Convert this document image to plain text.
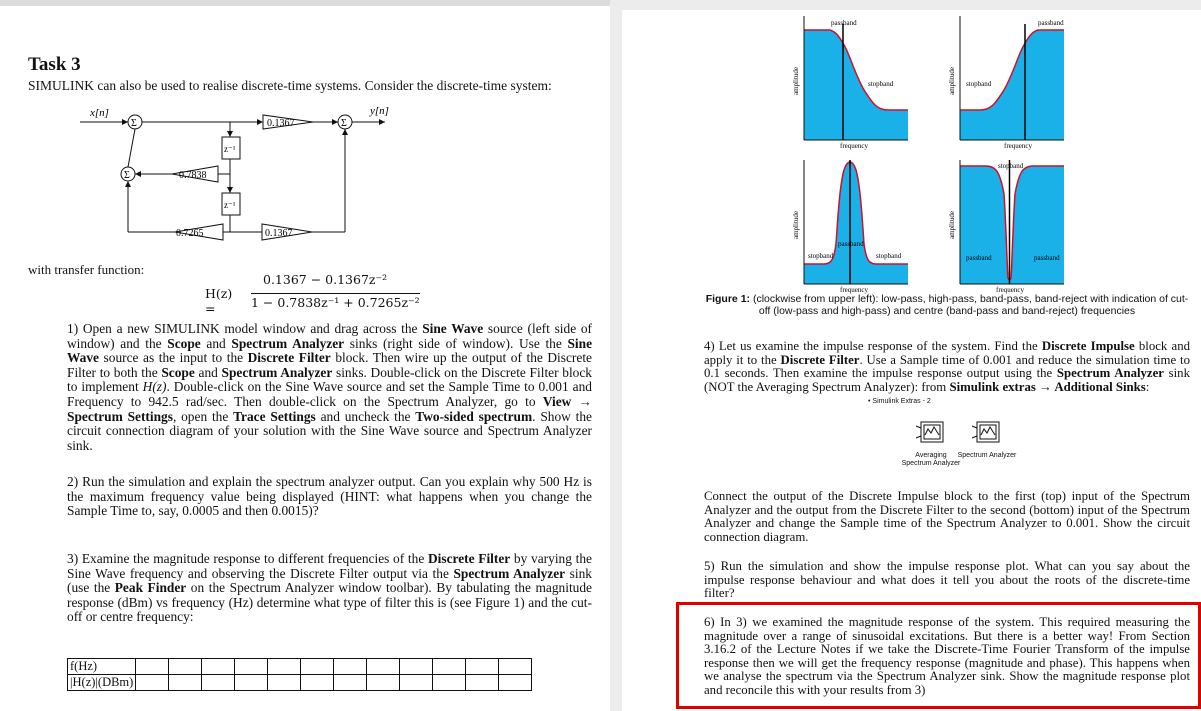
Task 3
SIMULINK can also be used to realise discrete-time systems. Consider the discrete-time system:
x[n]	y[n]
Σ	Σ
Σ
0.1367
0.7838
0.7265	0.1367
z⁻¹
z⁻¹
with transfer function:
H(z) =
0.1367 − 0.1367z⁻²
1 − 0.7838z⁻¹ + 0.7265z⁻²
1) Open a new SIMULINK model window and drag across the Sine Wave source (left side of window) and the Scope and Spectrum Analyzer sinks (right side of window). Use the Sine Wave source as the input to the Discrete Filter block. Then wire up the output of the Discrete Filter to both the Scope and Spectrum Analyzer sinks. Double-click on the Discrete Filter block to implement H(z). Double-click on the Sine Wave source and set the Sample Time to 0.001 and Frequency to 942.5 rad/sec. Then double-click on the Spectrum Analyzer, go to View → Spectrum Settings, open the Trace Settings and uncheck the Two-sided spectrum. Show the circuit connection diagram of your solution with the Sine Wave source and Spectrum Analyzer sink.
2) Run the simulation and explain the spectrum analyzer output. Can you explain why 500 Hz is the maximum frequency value being displayed (HINT: what happens when you change the Sample Time to, say, 0.0005 and then 0.0015)?
3) Examine the magnitude response to different frequencies of the Discrete Filter by varying the Sine Wave frequency and observing the Discrete Filter output via the Spectrum Analyzer sink (use the Peak Finder on the Spectrum Analyzer window toolbar). By tabulating the magnitude response (dBm) vs frequency (Hz) determine what type of filter this is (see Figure 1) and the cut-off or centre frequency:
f(Hz)												
|H(z)|(DBm)												
passband
stopband
frequency
amplitude	stopband
passband
frequency
amplitude
stopband
passband
stopband
frequency
amplitude
passband
stopband
passband
frequency
amplitude
Figure 1: (clockwise from upper left): low-pass, high-pass, band-pass, band-reject with indication of cut-off (low-pass and high-pass) and centre (band-pass and band-reject) frequencies
4) Let us examine the impulse response of the system. Find the Discrete Impulse block and apply it to the Discrete Filter. Use a Sample time of 0.001 and reduce the simulation time to 0.1 seconds. Then examine the impulse response output using the Spectrum Analyzer sink (NOT the Averaging Spectrum Analyzer): from Simulink extras → Additional Sinks:
• Simulink Extras - 2
Averaging Spectrum Analyzer
Spectrum Analyzer
Connect the output of the Discrete Impulse block to the first (top) input of the Spectrum Analyzer and the output from the Discrete Filter to the second (bottom) input of the Spectrum Analyzer and change the Sample time of the Spectrum Analyzer to 0.001. Show the circuit connection diagram.
5) Run the simulation and show the impulse response plot. What can you say about the impulse response behaviour and what does it tell you about the roots of the discrete-time filter?
6) In 3) we examined the magnitude response of the system. This required measuring the magnitude over a range of sinusoidal excitations. But there is a better way! From Section 3.16.2 of the Lecture Notes if we take the Discrete-Time Fourier Transform of the impulse response then we will get the frequency response (magnitude and phase). This happens when we analyse the spectrum via the Spectrum Analyzer sink. Show the magnitude response plot and reconcile this with your results from 3)
